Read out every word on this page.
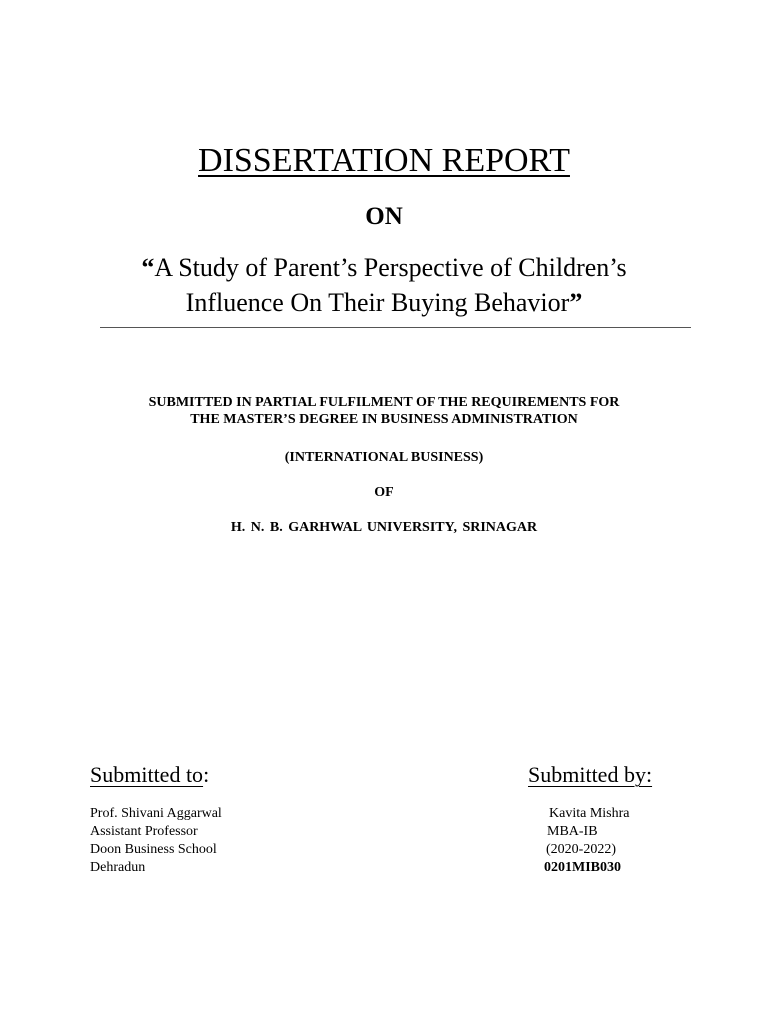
DISSERTATION REPORT
ON
“A Study of Parent’s Perspective of Children’s
Influence On Their Buying Behavior”
SUBMITTED IN PARTIAL FULFILMENT OF THE REQUIREMENTS FOR
THE MASTER’S DEGREE IN BUSINESS ADMINISTRATION
(INTERNATIONAL BUSINESS)
OF
H. N. B. GARHWAL UNIVERSITY, SRINAGAR
Submitted to:	Submitted by:
Prof. Shivani Aggarwal
Assistant Professor
Doon Business School
Dehradun
Kavita Mishra
MBA-IB
(2020-2022)
0201MIB030
